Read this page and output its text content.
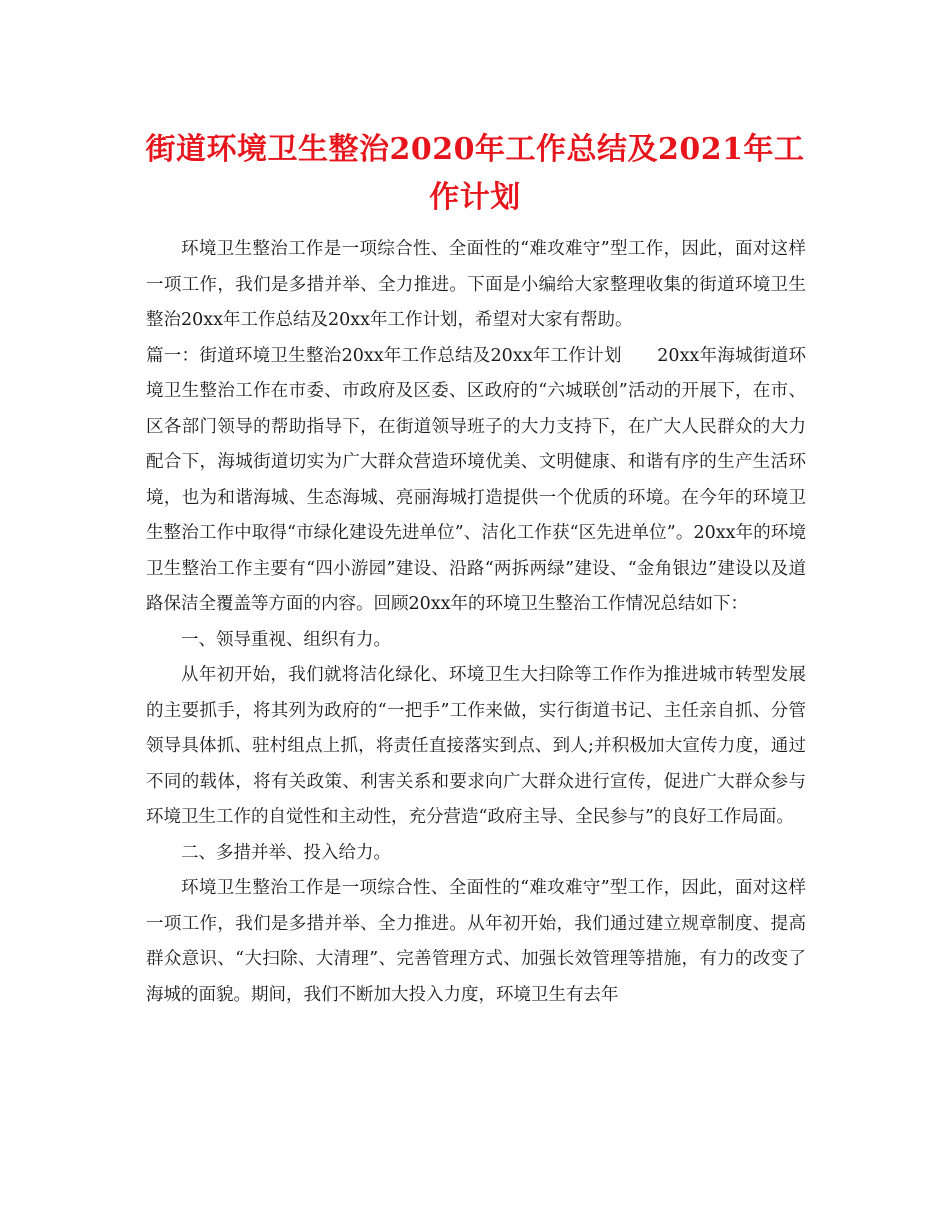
街道环境卫生整治2020年工作总结及2021年工作计划

环境卫生整治工作是一项综合性、全面性的“难攻难守”型工作，因此，面对这样一项工作，我们是多措并举、全力推进。下面是小编给大家整理收集的街道环境卫生整治20xx年工作总结及20xx年工作计划，希望对大家有帮助。

篇一：街道环境卫生整治20xx年工作总结及20xx年工作计划　　20xx年海城街道环境卫生整治工作在市委、市政府及区委、区政府的“六城联创”活动的开展下，在市、区各部门领导的帮助指导下，在街道领导班子的大力支持下，在广大人民群众的大力配合下，海城街道切实为广大群众营造环境优美、文明健康、和谐有序的生产生活环境，也为和谐海城、生态海城、亮丽海城打造提供一个优质的环境。在今年的环境卫生整治工作中取得“市绿化建设先进单位”、洁化工作获“区先进单位”。20xx年的环境卫生整治工作主要有“四小游园”建设、沿路“两拆两绿”建设、“金角银边”建设以及道路保洁全覆盖等方面的内容。回顾20xx年的环境卫生整治工作情况总结如下：

一、领导重视、组织有力。

从年初开始，我们就将洁化绿化、环境卫生大扫除等工作作为推进城市转型发展的主要抓手，将其列为政府的“一把手”工作来做，实行街道书记、主任亲自抓、分管领导具体抓、驻村组点上抓，将责任直接落实到点、到人;并积极加大宣传力度，通过不同的载体，将有关政策、利害关系和要求向广大群众进行宣传，促进广大群众参与环境卫生工作的自觉性和主动性，充分营造“政府主导、全民参与”的良好工作局面。

二、多措并举、投入给力。

环境卫生整治工作是一项综合性、全面性的“难攻难守”型工作，因此，面对这样一项工作，我们是多措并举、全力推进。从年初开始，我们通过建立规章制度、提高群众意识、“大扫除、大清理”、完善管理方式、加强长效管理等措施，有力的改变了海城的面貌。期间，我们不断加大投入力度，环境卫生有去年
